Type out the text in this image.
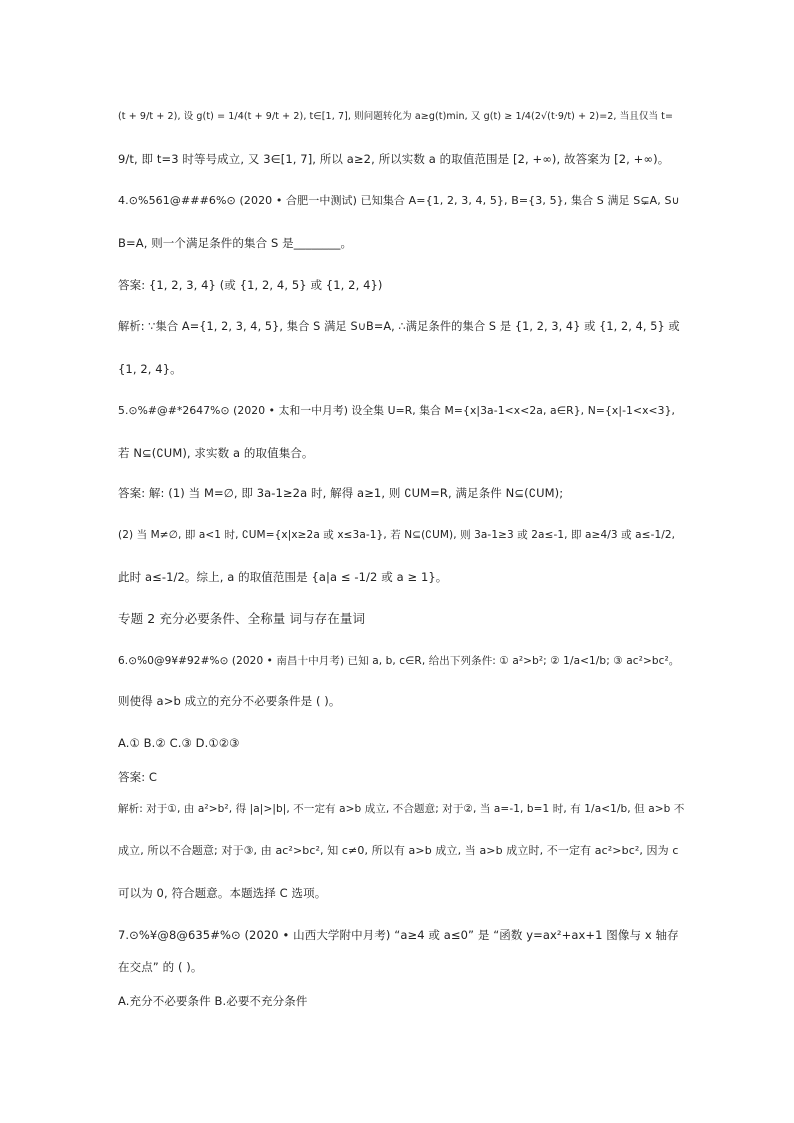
(t + 9/t + 2), 设 g(t) = 1/4(t + 9/t + 2), t∈[1, 7], 则问题转化为 a≥g(t)min, 又 g(t) ≥ 1/4(2√(t·9/t) + 2)=2, 当且仅当 t=
9/t, 即 t=3 时等号成立, 又 3∈[1, 7], 所以 a≥2, 所以实数 a 的取值范围是 [2, +∞), 故答案为 [2, +∞)。
4.⊙%561@###6%⊙ (2020 • 合肥一中测试) 已知集合 A={1, 2, 3, 4, 5}, B={3, 5}, 集合 S 满足 S⊊A, S∪
B=A, 则一个满足条件的集合 S 是________。
答案: {1, 2, 3, 4} (或 {1, 2, 4, 5} 或 {1, 2, 4})
解析: ∵集合 A={1, 2, 3, 4, 5}, 集合 S 满足 S∪B=A, ∴满足条件的集合 S 是 {1, 2, 3, 4} 或 {1, 2, 4, 5} 或
{1, 2, 4}。
5.⊙%#@#*2647%⊙ (2020 • 太和一中月考) 设全集 U=R, 集合 M={x|3a-1<x<2a, a∈R}, N={x|-1<x<3},
若 N⊆(∁UM), 求实数 a 的取值集合。
答案: 解: (1) 当 M=∅, 即 3a-1≥2a 时, 解得 a≥1, 则 ∁UM=R, 满足条件 N⊆(∁UM);
(2) 当 M≠∅, 即 a<1 时, ∁UM={x|x≥2a 或 x≤3a-1}, 若 N⊆(∁UM), 则 3a-1≥3 或 2a≤-1, 即 a≥4/3 或 a≤-1/2,
此时 a≤-1/2。综上, a 的取值范围是 {a|a ≤ -1/2 或 a ≥ 1}。
专题 2 充分必要条件、全称量 词与存在量词
6.⊙%0@9¥#92#%⊙ (2020 • 南昌十中月考) 已知 a, b, c∈R, 给出下列条件: ① a²>b²; ② 1/a<1/b; ③ ac²>bc²。
则使得 a>b 成立的充分不必要条件是 ( )。
A.① B.② C.③ D.①②③
答案: C
解析: 对于①, 由 a²>b², 得 |a|>|b|, 不一定有 a>b 成立, 不合题意; 对于②, 当 a=-1, b=1 时, 有 1/a<1/b, 但 a>b 不
成立, 所以不合题意; 对于③, 由 ac²>bc², 知 c≠0, 所以有 a>b 成立, 当 a>b 成立时, 不一定有 ac²>bc², 因为 c
可以为 0, 符合题意。本题选择 C 选项。
7.⊙%¥@8@635#%⊙ (2020 • 山西大学附中月考) “a≥4 或 a≤0” 是 “函数 y=ax²+ax+1 图像与 x 轴存
在交点” 的 ( )。
A.充分不必要条件 B.必要不充分条件
